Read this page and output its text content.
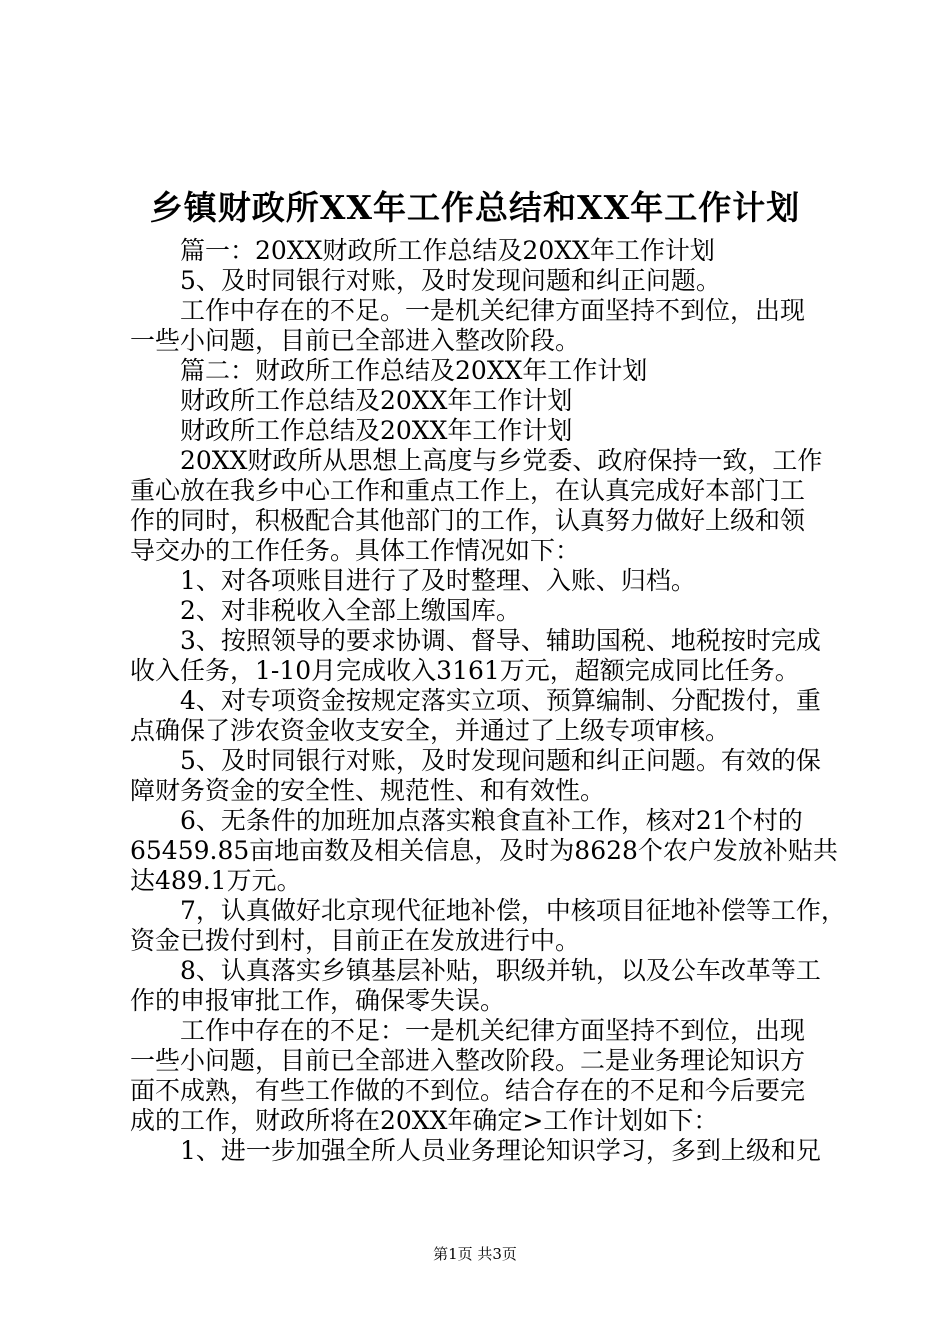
乡镇财政所XX年工作总结和XX年工作计划
　　篇一：20XX财政所工作总结及20XX年工作计划
　　5、及时同银行对账，及时发现问题和纠正问题。
　　工作中存在的不足。一是机关纪律方面坚持不到位，出现
一些小问题，目前已全部进入整改阶段。
　　篇二：财政所工作总结及20XX年工作计划
　　财政所工作总结及20XX年工作计划
　　财政所工作总结及20XX年工作计划
　　20XX财政所从思想上高度与乡党委、政府保持一致，工作
重心放在我乡中心工作和重点工作上，在认真完成好本部门工
作的同时，积极配合其他部门的工作，认真努力做好上级和领
导交办的工作任务。具体工作情况如下：
　　1、对各项账目进行了及时整理、入账、归档。
　　2、对非税收入全部上缴国库。
　　3、按照领导的要求协调、督导、辅助国税、地税按时完成
收入任务，1-10月完成收入3161万元，超额完成同比任务。
　　4、对专项资金按规定落实立项、预算编制、分配拨付，重
点确保了涉农资金收支安全，并通过了上级专项审核。
　　5、及时同银行对账，及时发现问题和纠正问题。有效的保
障财务资金的安全性、规范性、和有效性。
　　6、无条件的加班加点落实粮食直补工作，核对21个村的
65459.85亩地亩数及相关信息，及时为8628个农户发放补贴共
达489.1万元。
　　7，认真做好北京现代征地补偿，中核项目征地补偿等工作，
资金已拨付到村，目前正在发放进行中。
　　8、认真落实乡镇基层补贴，职级并轨，以及公车改革等工
作的申报审批工作，确保零失误。
　　工作中存在的不足：一是机关纪律方面坚持不到位，出现
一些小问题，目前已全部进入整改阶段。二是业务理论知识方
面不成熟，有些工作做的不到位。结合存在的不足和今后要完
成的工作，财政所将在20XX年确定>工作计划如下：
　　1、进一步加强全所人员业务理论知识学习，多到上级和兄
第1页 共3页
